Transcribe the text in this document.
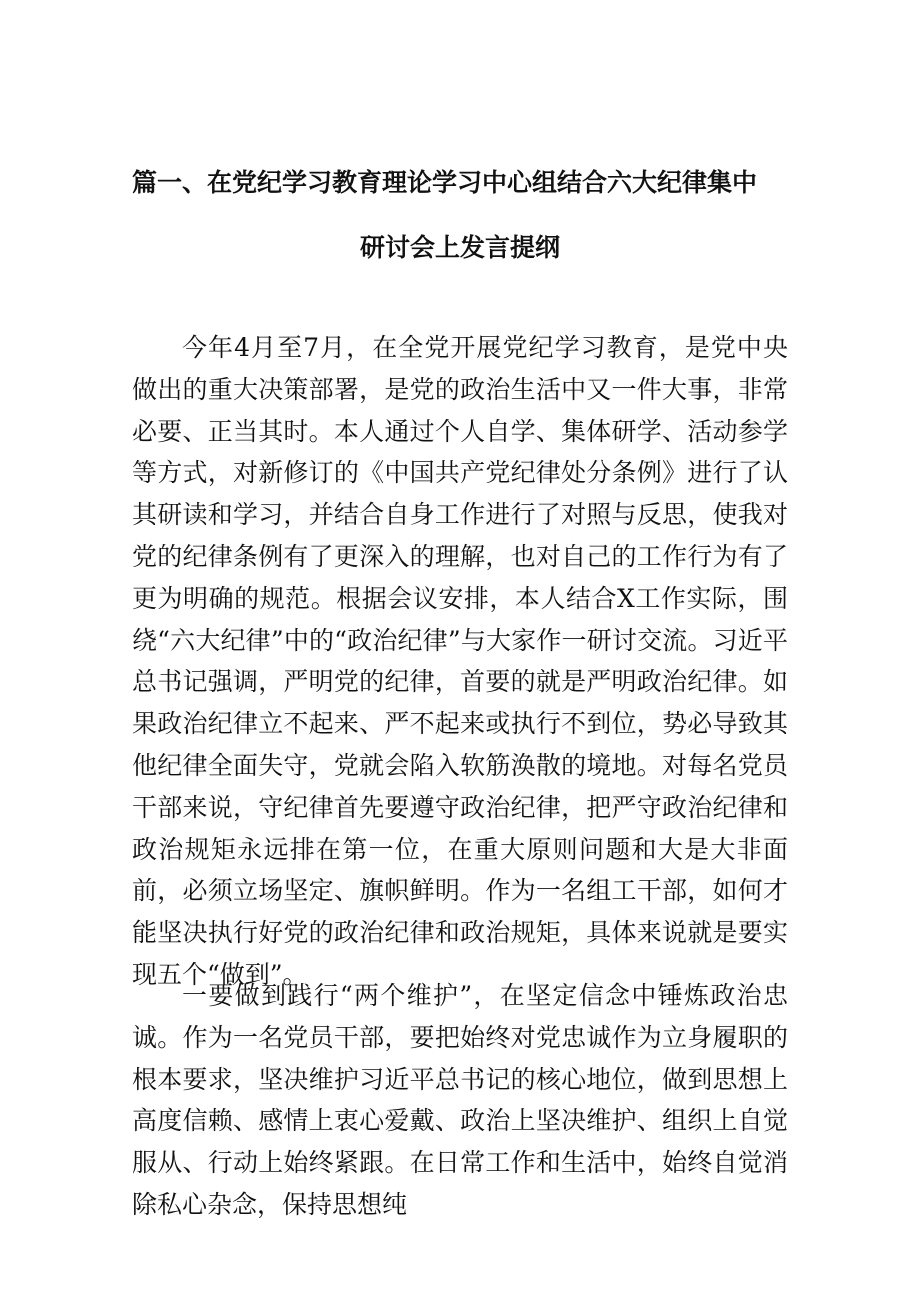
篇一、在党纪学习教育理论学习中心组结合六大纪律集中
研讨会上发言提纲

今年4月至7月，在全党开展党纪学习教育，是党中央做出的重大决策部署，是党的政治生活中又一件大事，非常必要、正当其时。本人通过个人自学、集体研学、活动参学等方式，对新修订的《中国共产党纪律处分条例》进行了认其研读和学习，并结合自身工作进行了对照与反思，使我对党的纪律条例有了更深入的理解，也对自己的工作行为有了更为明确的规范。根据会议安排，本人结合X工作实际，围绕“六大纪律”中的“政治纪律”与大家作一研讨交流。习近平总书记强调，严明党的纪律，首要的就是严明政治纪律。如果政治纪律立不起来、严不起来或执行不到位，势必导致其他纪律全面失守，党就会陷入软筋涣散的境地。对每名党员干部来说，守纪律首先要遵守政治纪律，把严守政治纪律和政治规矩永远排在第一位，在重大原则问题和大是大非面前，必须立场坚定、旗帜鲜明。作为一名组工干部，如何才能坚决执行好党的政治纪律和政治规矩，具体来说就是要实现五个“做到”。

一要做到践行“两个维护”，在坚定信念中锤炼政治忠诚。作为一名党员干部，要把始终对党忠诚作为立身履职的根本要求，坚决维护习近平总书记的核心地位，做到思想上高度信赖、感情上衷心爱戴、政治上坚决维护、组织上自觉服从、行动上始终紧跟。在日常工作和生活中，始终自觉消除私心杂念，保持思想纯
